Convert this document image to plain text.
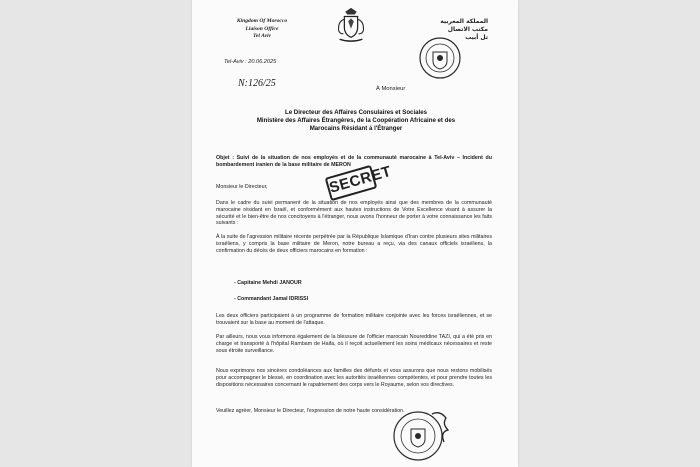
Kingdom Of Morocco
Liaison Office
Tel Aviv
المملكة المغربية
مكتب الاتصال
تل أبيب
Tel-Aviv : 20.06.2025
N:126/25	À Monsieur
Le Directeur des Affaires Consulaires et Sociales
Ministère des Affaires Étrangères, de la Coopération Africaine et des
Marocains Résidant à l'Étranger
Objet : Suivi de la situation de nos employés et de la communauté marocaine à Tel-Aviv – Incident du bombardement iranien de la base militaire de MERON
Monsieur le Directeur,
Dans le cadre du suivi permanent de la situation de nos employés ainsi que des membres de la communauté marocaine résidant en Israël, et conformément aux hautes instructions de Votre Excellence visant à assurer la sécurité et le bien-être de nos concitoyens à l'étranger, nous avons l'honneur de porter à votre connaissance les faits suivants :
À la suite de l'agression militaire récente perpétrée par la République Islamique d'Iran contre plusieurs sites militaires israéliens, y compris la base militaire de Meron, notre bureau a reçu, via des canaux officiels israéliens, la confirmation du décès de deux officiers marocains en formation :
- Capitaine Mehdi JANOUR
- Commandant Jamal IDRISSI
Les deux officiers participaient à un programme de formation militaire conjointe avec les forces israéliennes, et se trouvaient sur la base au moment de l'attaque.
Par ailleurs, nous vous informons également de la blessure de l'officier marocain Noureddine TAZI, qui a été pris en charge et transporté à l'hôpital Rambam de Haifa, où il reçoit actuellement les soins médicaux nécessaires et reste sous étroite surveillance.
Nous exprimons nos sincères condoléances aux familles des défunts et vous assurons que nous restons mobilisés pour accompagner le blessé, en coordination avec les autorités israéliennes compétentes, et pour prendre toutes les dispositions nécessaires concernant le rapatriement des corps vers le Royaume, selon vos directives.
Veuillez agréer, Monsieur le Directeur, l'expression de notre haute considération.
SECRET
